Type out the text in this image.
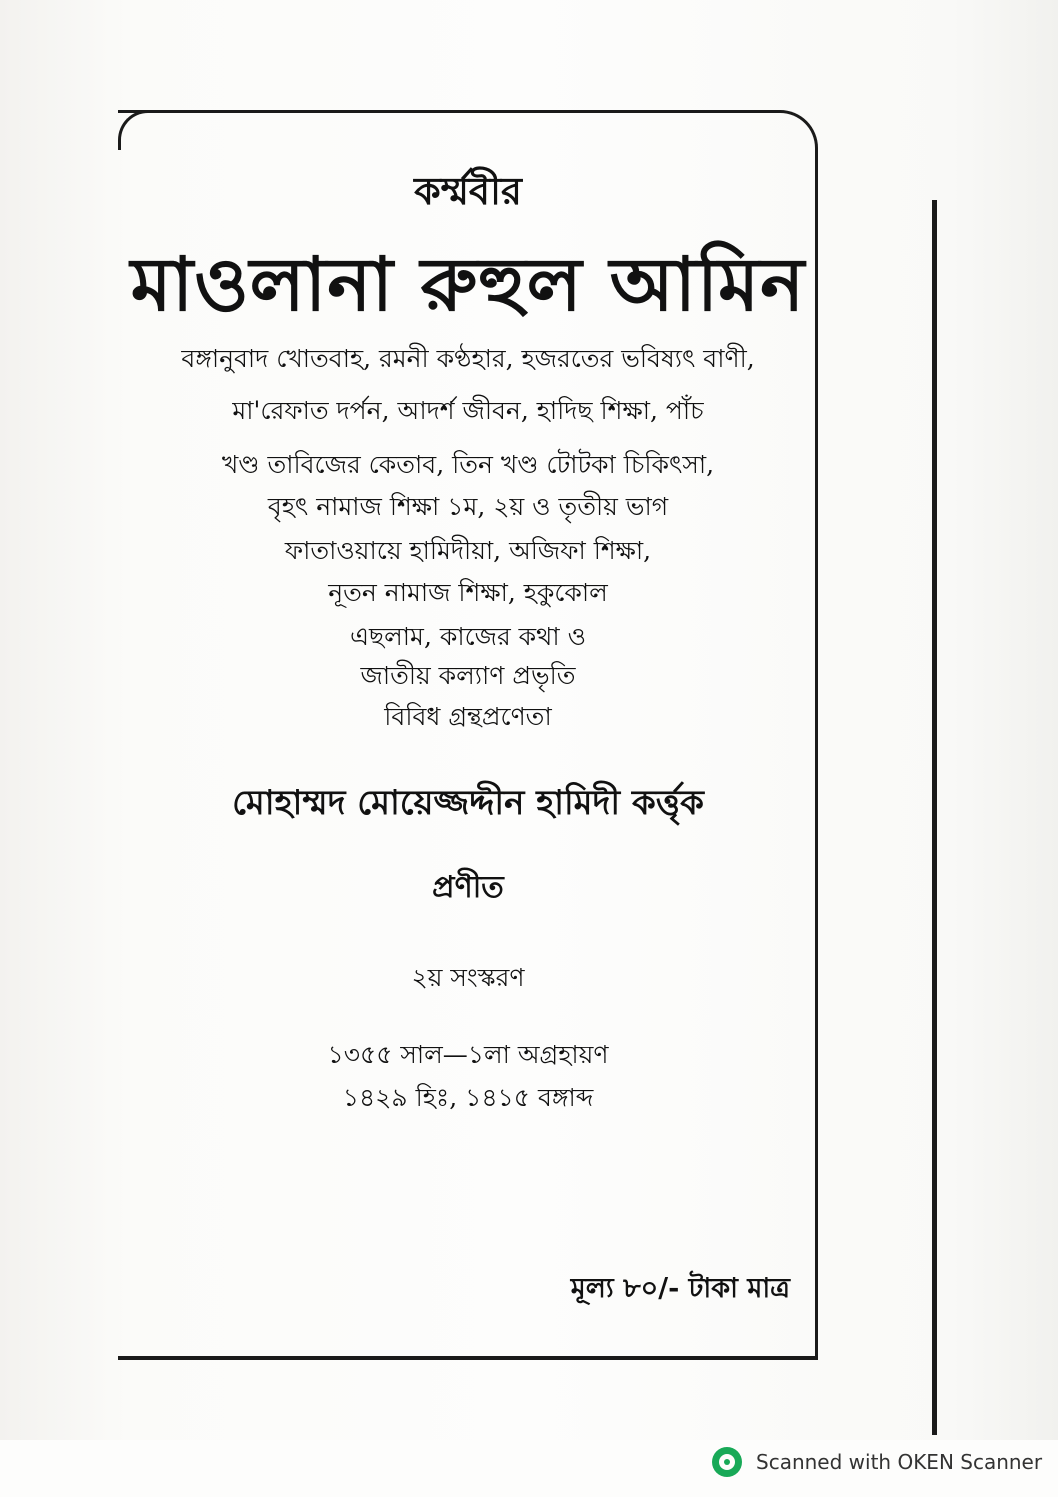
কর্ম্মবীর
মাওলানা রুহুল আমিন
বঙ্গানুবাদ খোতবাহ, রমনী কণ্ঠহার, হজরতের ভবিষ্যৎ বাণী,
মা'রেফাত দর্পন, আদর্শ জীবন, হাদিছ শিক্ষা, পাঁচ
খণ্ড তাবিজের কেতাব, তিন খণ্ড টোটকা চিকিৎসা,
বৃহৎ নামাজ শিক্ষা ১ম, ২য় ও তৃতীয় ভাগ
ফাতাওয়ায়ে হামিদীয়া, অজিফা শিক্ষা,
নূতন নামাজ শিক্ষা, হকুকোল
এছলাম, কাজের কথা ও
জাতীয় কল্যাণ প্রভৃতি
বিবিধ গ্রন্থপ্রণেতা
মোহাম্মদ মোয়েজ্জদ্দীন হামিদী কর্ত্তৃক
প্রণীত
২য় সংস্করণ
১৩৫৫ সাল—১লা অগ্রহায়ণ
১৪২৯ হিঃ, ১৪১৫ বঙ্গাব্দ
মূল্য ৮০/- টাকা মাত্র
Scanned with OKEN Scanner
